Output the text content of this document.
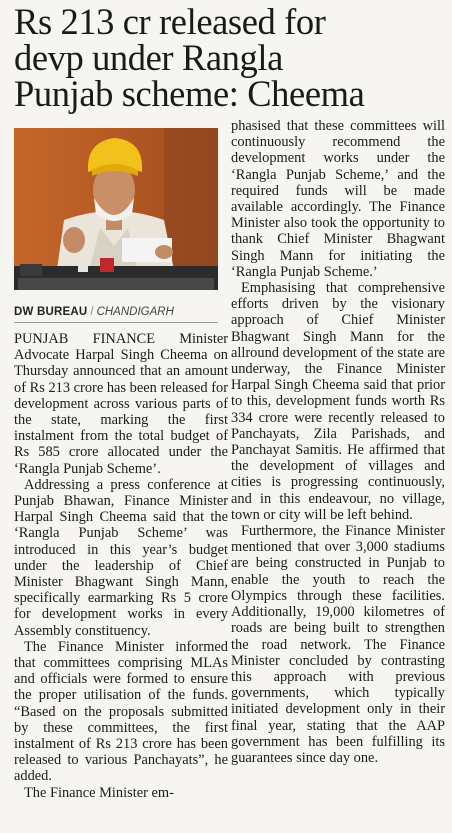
Rs 213 cr released for
devp under Rangla
Punjab scheme: Cheema
DW BUREAU / CHANDIGARH

PUNJAB FINANCE Minister Advocate Harpal Singh Cheema on Thursday announced that an amount of Rs 213 crore has been released for development across various parts of the state, marking the first instalment from the total budget of Rs 585 crore allocated under the ‘Rangla Punjab Scheme’.

Addressing a press conference at Punjab Bhawan, Finance Minister Harpal Singh Cheema said that the ‘Rangla Punjab Scheme’ was introduced in this year’s budget under the leadership of Chief Minister Bhagwant Singh Mann, specifically earmarking Rs 5 crore for development works in every Assembly constituency.

The Finance Minister informed that committees comprising MLAs and officials were formed to ensure the proper utilisation of the funds. “Based on the proposals submitted by these committees, the first instalment of Rs 213 crore has been released to various Panchayats”, he added.

The Finance Minister em-

phasised that these committees will continuously recommend the development works under the ‘Rangla Punjab Scheme,’ and the required funds will be made available accordingly. The Finance Minister also took the opportunity to thank Chief Minister Bhagwant Singh Mann for initiating the ‘Rangla Punjab Scheme.’

Emphasising that comprehensive efforts driven by the visionary approach of Chief Minister Bhagwant Singh Mann for the allround development of the state are underway, the Finance Minister Harpal Singh Cheema said that prior to this, development funds worth Rs 334 crore were recently released to Panchayats, Zila Parishads, and Panchayat Samitis. He affirmed that the development of villages and cities is progressing continuously, and in this endeavour, no village, town or city will be left behind.

Furthermore, the Finance Minister mentioned that over 3,000 stadiums are being constructed in Punjab to enable the youth to reach the Olympics through these facilities. Additionally, 19,000 kilometres of roads are being built to strengthen the road network. The Finance Minister concluded by contrasting this approach with previous governments, which typically initiated development only in their final year, stating that the AAP government has been fulfilling its guarantees since day one.
